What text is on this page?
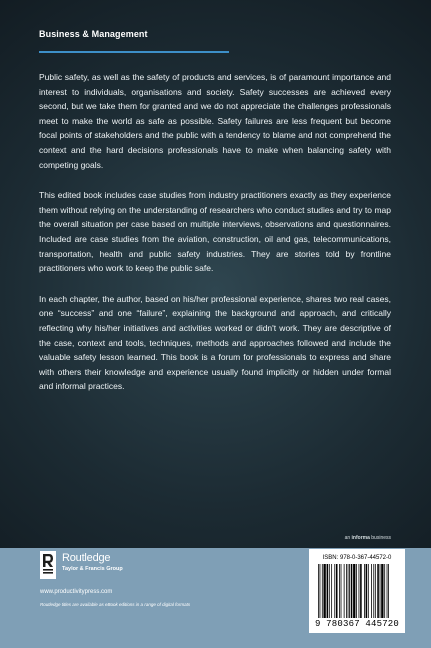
Business & Management

Public safety, as well as the safety of products and services, is of paramount importance and interest to individuals, organisations and society. Safety successes are achieved every second, but we take them for granted and we do not appreciate the challenges professionals meet to make the world as safe as possible. Safety failures are less frequent but become focal points of stakeholders and the public with a tendency to blame and not comprehend the context and the hard decisions professionals have to make when balancing safety with competing goals.

This edited book includes case studies from industry practitioners exactly as they experience them without relying on the understanding of researchers who conduct studies and try to map the overall situation per case based on multiple interviews, observations and questionnaires. Included are case studies from the aviation, construction, oil and gas, telecommunications, transportation, health and public safety industries. They are stories told by frontline practitioners who work to keep the public safe.

In each chapter, the author, based on his/her professional experience, shares two real cases, one “success” and one “failure”, explaining the background and approach, and critically reflecting why his/her initiatives and activities worked or didn't work. They are descriptive of the case, context and tools, techniques, methods and approaches followed and include the valuable safety lesson learned. This book is a forum for professionals to express and share with others their knowledge and experience usually found implicitly or hidden under formal and informal practices.

an informa business
Routledge
Taylor & Francis Group
www.productivitypress.com
Routledge titles are available as eBook editions in a range of digital formats
ISBN: 978-0-367-44572-0
9 780367 445720
